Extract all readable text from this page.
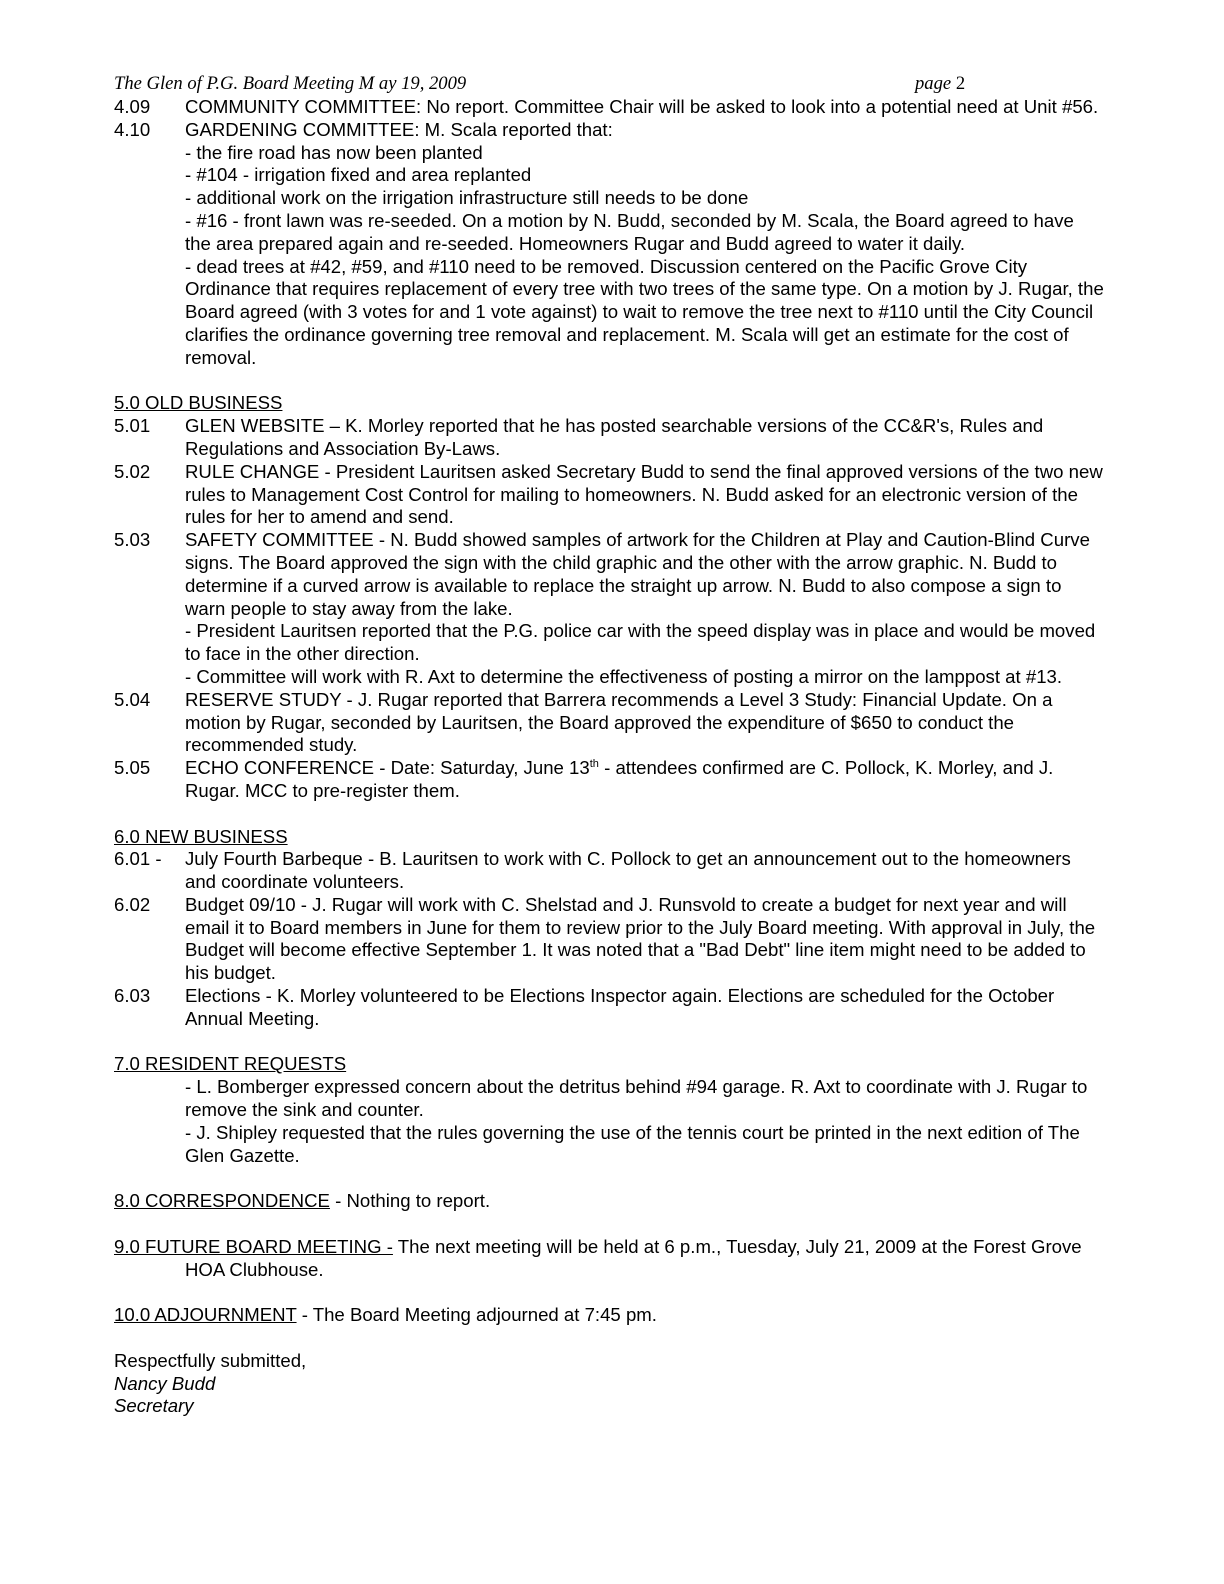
The Glen of P.G. Board Meeting M ay 19, 2009	page 2
4.09	COMMUNITY COMMITTEE: No report. Committee Chair will be asked to look into a potential need at Unit #56.
4.10	GARDENING COMMITTEE: M. Scala reported that:
- the fire road has now been planted
- #104 - irrigation fixed and area replanted
- additional work on the irrigation infrastructure still needs to be done
- #16 - front lawn was re-seeded. On a motion by N. Budd, seconded by M. Scala, the Board agreed to have the area prepared again and re-seeded. Homeowners Rugar and Budd agreed to water it daily.
- dead trees at #42, #59, and #110 need to be removed. Discussion centered on the Pacific Grove City Ordinance that requires replacement of every tree with two trees of the same type. On a motion by J. Rugar, the Board agreed (with 3 votes for and 1 vote against) to wait to remove the tree next to #110 until the City Council clarifies the ordinance governing tree removal and replacement. M. Scala will get an estimate for the cost of removal.
5.0 OLD BUSINESS
5.01	GLEN WEBSITE – K. Morley reported that he has posted searchable versions of the CC&R's, Rules and Regulations and Association By-Laws.
5.02	RULE CHANGE - President Lauritsen asked Secretary Budd to send the final approved versions of the two new rules to Management Cost Control for mailing to homeowners. N. Budd asked for an electronic version of the rules for her to amend and send.
5.03	SAFETY COMMITTEE - N. Budd showed samples of artwork for the Children at Play and Caution-Blind Curve signs. The Board approved the sign with the child graphic and the other with the arrow graphic. N. Budd to determine if a curved arrow is available to replace the straight up arrow. N. Budd to also compose a sign to warn people to stay away from the lake.
- President Lauritsen reported that the P.G. police car with the speed display was in place and would be moved to face in the other direction.
- Committee will work with R. Axt to determine the effectiveness of posting a mirror on the lamppost at #13.
5.04	RESERVE STUDY - J. Rugar reported that Barrera recommends a Level 3 Study: Financial Update. On a motion by Rugar, seconded by Lauritsen, the Board approved the expenditure of $650 to conduct the recommended study.
5.05	ECHO CONFERENCE - Date: Saturday, June 13th - attendees confirmed are C. Pollock, K. Morley, and J. Rugar. MCC to pre-register them.
6.0 NEW BUSINESS
6.01 -	July Fourth Barbeque - B. Lauritsen to work with C. Pollock to get an announcement out to the homeowners and coordinate volunteers.
6.02	Budget 09/10 - J. Rugar will work with C. Shelstad and J. Runsvold to create a budget for next year and will email it to Board members in June for them to review prior to the July Board meeting. With approval in July, the Budget will become effective September 1. It was noted that a "Bad Debt" line item might need to be added to his budget.
6.03	Elections - K. Morley volunteered to be Elections Inspector again. Elections are scheduled for the October Annual Meeting.
7.0 RESIDENT REQUESTS
- L. Bomberger expressed concern about the detritus behind #94 garage. R. Axt to coordinate with J. Rugar to remove the sink and counter.
- J. Shipley requested that the rules governing the use of the tennis court be printed in the next edition of The Glen Gazette.
8.0 CORRESPONDENCE - Nothing to report.
9.0 FUTURE BOARD MEETING - The next meeting will be held at 6 p.m., Tuesday, July 21, 2009 at the Forest Grove HOA Clubhouse.
10.0 ADJOURNMENT - The Board Meeting adjourned at 7:45 pm.
Respectfully submitted,
Nancy Budd
Secretary
